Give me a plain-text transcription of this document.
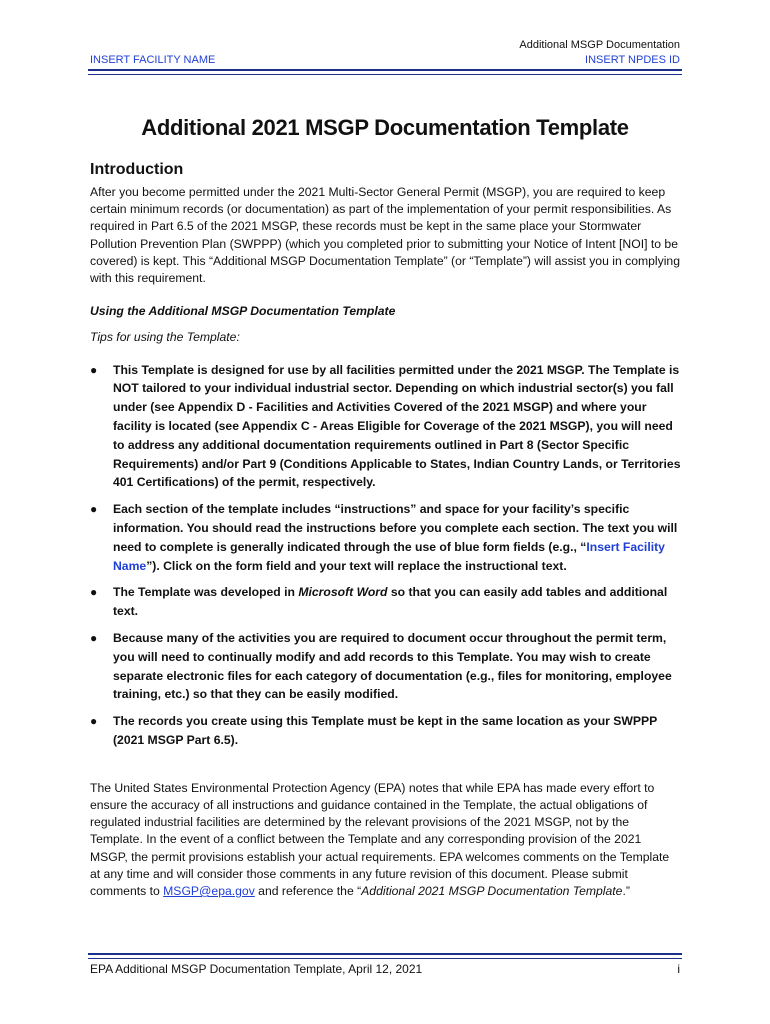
Additional MSGP Documentation
INSERT NPDES ID
INSERT FACILITY NAME
Additional 2021 MSGP Documentation Template
Introduction

After you become permitted under the 2021 Multi-Sector General Permit (MSGP), you are required to keep certain minimum records (or documentation) as part of the implementation of your permit responsibilities. As required in Part 6.5 of the 2021 MSGP, these records must be kept in the same place your Stormwater Pollution Prevention Plan (SWPPP) (which you completed prior to submitting your Notice of Intent [NOI] to be covered) is kept. This “Additional MSGP Documentation Template” (or “Template”) will assist you in complying with this requirement.

Using the Additional MSGP Documentation Template

Tips for using the Template:

● This Template is designed for use by all facilities permitted under the 2021 MSGP. The Template is NOT tailored to your individual industrial sector. Depending on which industrial sector(s) you fall under (see Appendix D - Facilities and Activities Covered of the 2021 MSGP) and where your facility is located (see Appendix C - Areas Eligible for Coverage of the 2021 MSGP), you will need to address any additional documentation requirements outlined in Part 8 (Sector Specific Requirements) and/or Part 9 (Conditions Applicable to States, Indian Country Lands, or Territories 401 Certifications) of the permit, respectively.
● Each section of the template includes “instructions” and space for your facility’s specific information. You should read the instructions before you complete each section. The text you will need to complete is generally indicated through the use of blue form fields (e.g., “Insert Facility Name”). Click on the form field and your text will replace the instructional text.
● The Template was developed in Microsoft Word so that you can easily add tables and additional text.
● Because many of the activities you are required to document occur throughout the permit term, you will need to continually modify and add records to this Template. You may wish to create separate electronic files for each category of documentation (e.g., files for monitoring, employee training, etc.) so that they can be easily modified.
● The records you create using this Template must be kept in the same location as your SWPPP (2021 MSGP Part 6.5).

The United States Environmental Protection Agency (EPA) notes that while EPA has made every effort to ensure the accuracy of all instructions and guidance contained in the Template, the actual obligations of regulated industrial facilities are determined by the relevant provisions of the 2021 MSGP, not by the Template. In the event of a conflict between the Template and any corresponding provision of the 2021 MSGP, the permit provisions establish your actual requirements. EPA welcomes comments on the Template at any time and will consider those comments in any future revision of this document. Please submit comments to MSGP@epa.gov and reference the “Additional 2021 MSGP Documentation Template.”

EPA Additional MSGP Documentation Template, April 12, 2021	i
